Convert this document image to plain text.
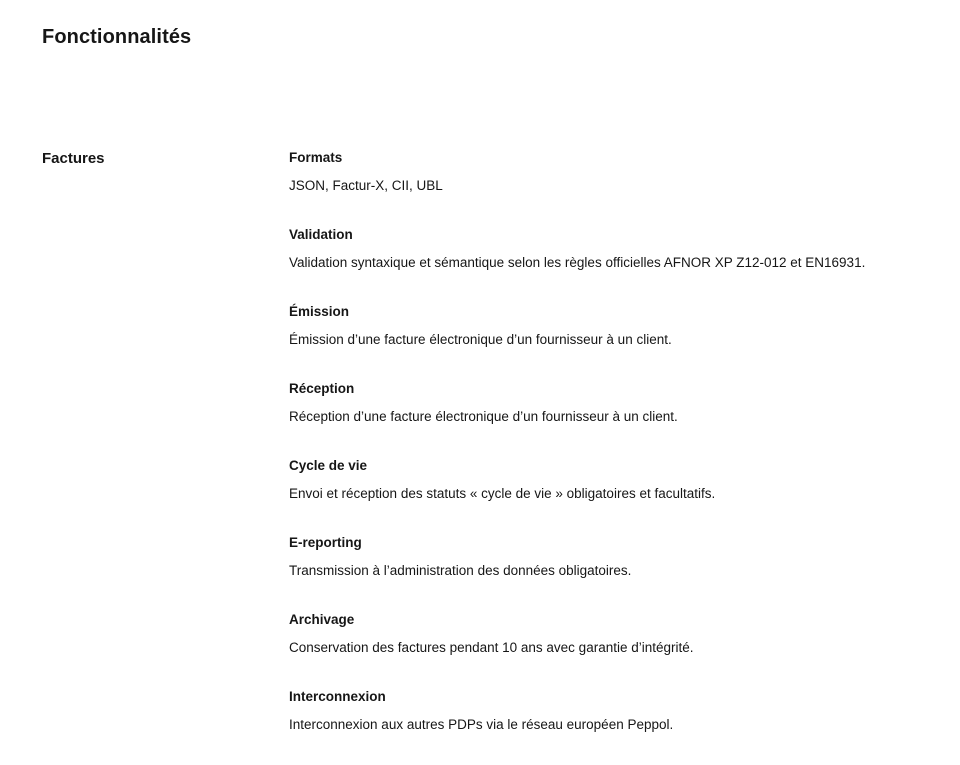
Fonctionnalités
Factures	Formats
JSON, Factur-X, CII, UBL
Validation
Validation syntaxique et sémantique selon les règles officielles AFNOR XP Z12-012 et EN16931.
Émission
Émission d’une facture électronique d’un fournisseur à un client.
Réception
Réception d’une facture électronique d’un fournisseur à un client.
Cycle de vie
Envoi et réception des statuts « cycle de vie » obligatoires et facultatifs.
E-reporting
Transmission à l’administration des données obligatoires.
Archivage
Conservation des factures pendant 10 ans avec garantie d’intégrité.
Interconnexion
Interconnexion aux autres PDPs via le réseau européen Peppol.
